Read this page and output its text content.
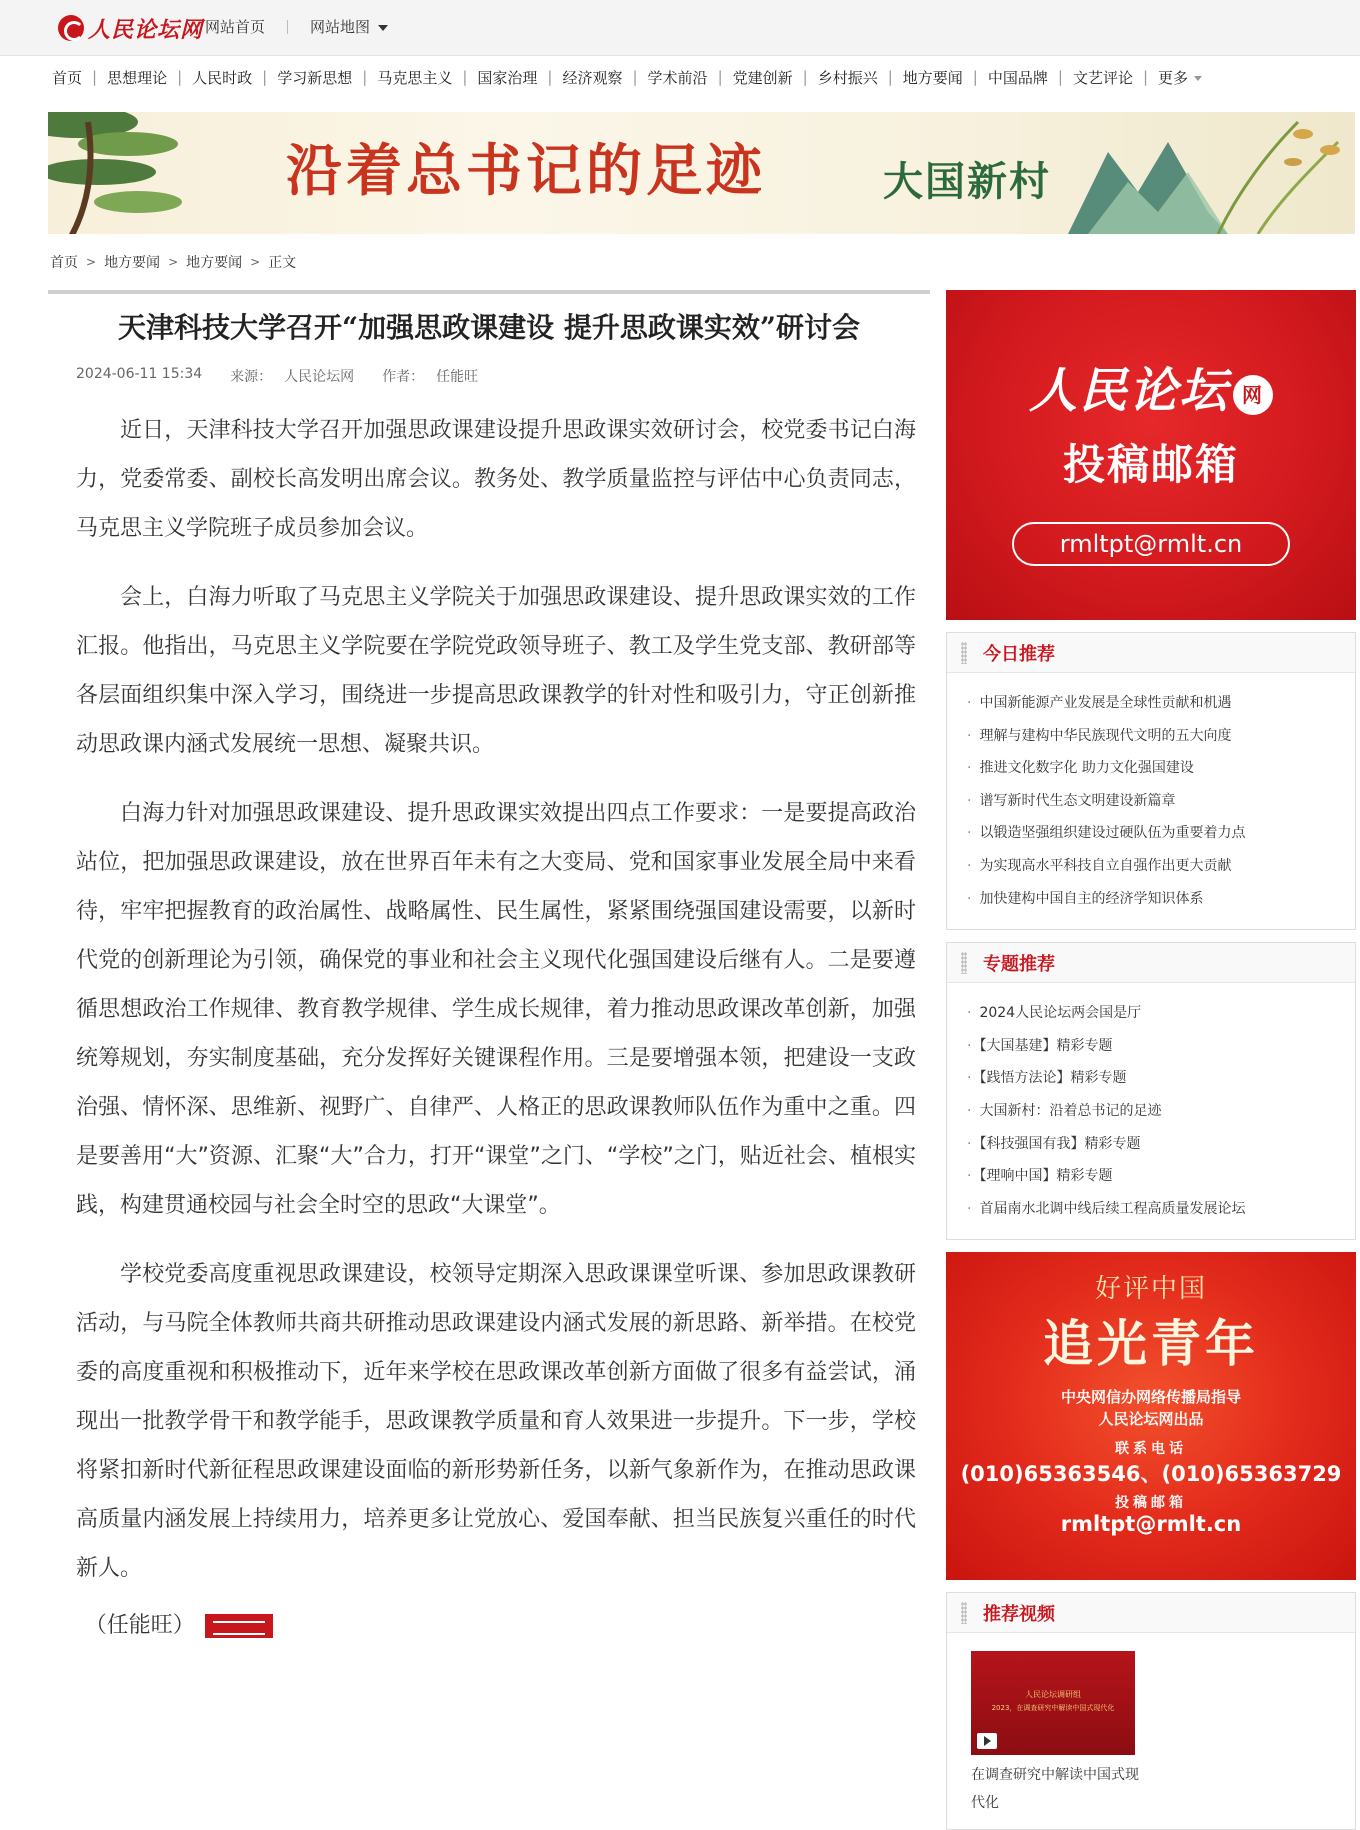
人民论坛网 网站首页	网站地图
首页 | 思想理论 | 人民时政 | 学习新思想 | 马克思主义 | 国家治理 | 经济观察 | 学术前沿 | 党建创新 | 乡村振兴 | 地方要闻 | 中国品牌 | 文艺评论 | 更多
沿着总书记的足迹	大国新村
首页 > 地方要闻 > 地方要闻 > 正文
天津科技大学召开“加强思政课建设 提升思政课实效”研讨会
2024-06-11 15:34 来源： 人民论坛网 作者： 任能旺

近日，天津科技大学召开加强思政课建设提升思政课实效研讨会，校党委书记白海力，党委常委、副校长高发明出席会议。教务处、教学质量监控与评估中心负责同志，马克思主义学院班子成员参加会议。

会上，白海力听取了马克思主义学院关于加强思政课建设、提升思政课实效的工作汇报。他指出，马克思主义学院要在学院党政领导班子、教工及学生党支部、教研部等各层面组织集中深入学习，围绕进一步提高思政课教学的针对性和吸引力，守正创新推动思政课内涵式发展统一思想、凝聚共识。

白海力针对加强思政课建设、提升思政课实效提出四点工作要求：一是要提高政治站位，把加强思政课建设，放在世界百年未有之大变局、党和国家事业发展全局中来看待，牢牢把握教育的政治属性、战略属性、民生属性，紧紧围绕强国建设需要，以新时代党的创新理论为引领，确保党的事业和社会主义现代化强国建设后继有人。二是要遵循思想政治工作规律、教育教学规律、学生成长规律，着力推动思政课改革创新，加强统筹规划，夯实制度基础，充分发挥好关键课程作用。三是要增强本领，把建设一支政治强、情怀深、思维新、视野广、自律严、人格正的思政课教师队伍作为重中之重。四是要善用“大”资源、汇聚“大”合力，打开“课堂”之门、“学校”之门，贴近社会、植根实践，构建贯通校园与社会全时空的思政“大课堂”。

学校党委高度重视思政课建设，校领导定期深入思政课课堂听课、参加思政课教研活动，与马院全体教师共商共研推动思政课建设内涵式发展的新思路、新举措。在校党委的高度重视和积极推动下，近年来学校在思政课改革创新方面做了很多有益尝试，涌现出一批教学骨干和教学能手，思政课教学质量和育人效果进一步提升。下一步，学校将紧扣新时代新征程思政课建设面临的新形势新任务，以新气象新作为，在推动思政课高质量内涵发展上持续用力，培养更多让党放心、爱国奉献、担当民族复兴重任的时代新人。

（任能旺）

人民论坛 网
投稿邮箱
rmltpt@rmlt.cn
今日推荐
· 中国新能源产业发展是全球性贡献和机遇
· 理解与建构中华民族现代文明的五大向度
· 推进文化数字化 助力文化强国建设
· 谱写新时代生态文明建设新篇章
· 以锻造坚强组织建设过硬队伍为重要着力点
· 为实现高水平科技自立自强作出更大贡献
· 加快建构中国自主的经济学知识体系
专题推荐
· 2024人民论坛两会国是厅
· 【大国基建】精彩专题
· 【践悟方法论】精彩专题
· 大国新村：沿着总书记的足迹
· 【科技强国有我】精彩专题
· 【理响中国】精彩专题
· 首届南水北调中线后续工程高质量发展论坛
好评中国
追光青年
中央网信办网络传播局指导
人民论坛网出品
联系电话
(010)65363546、(010)65363729
投稿邮箱
rmltpt@rmlt.cn
推荐视频
人民论坛调研组
2023，在调查研究中解读中国式现代化
在调查研究中解读中国式现代化
